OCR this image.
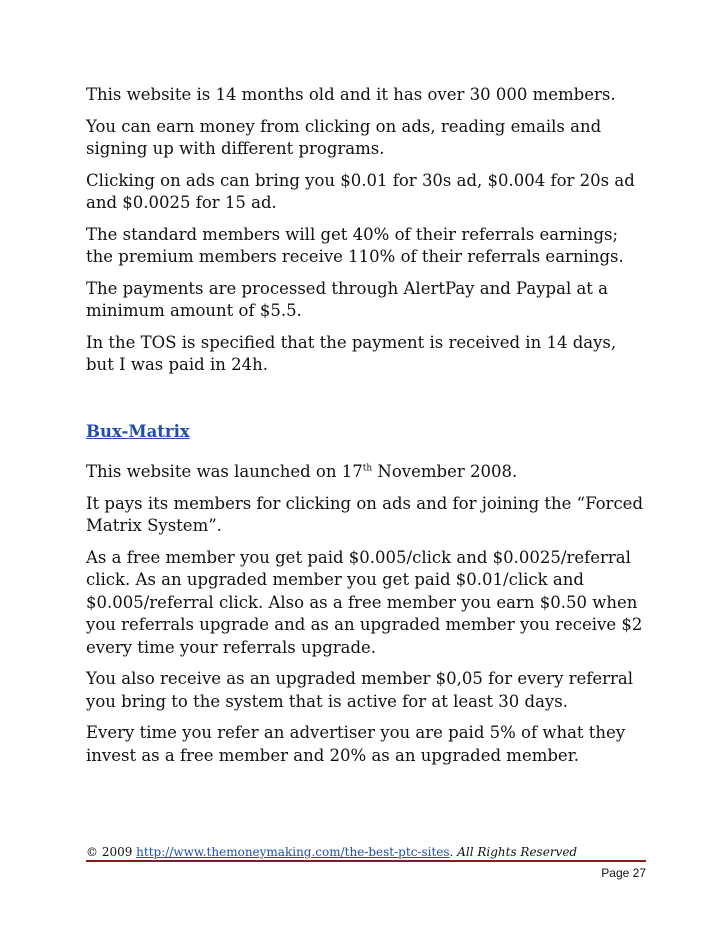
This website is 14 months old and it has over 30 000 members.

You can earn money from clicking on ads, reading emails and signing up with different programs.

Clicking on ads can bring you $0.01 for 30s ad, $0.004 for 20s ad and $0.0025 for 15 ad.

The standard members will get 40% of their referrals earnings; the premium members receive 110% of their referrals earnings.

The payments are processed through AlertPay and Paypal at a minimum amount of $5.5.

In the TOS is specified that the payment is received in 14 days, but I was paid in 24h.

Bux-Matrix

This website was launched on 17th November 2008.

It pays its members for clicking on ads and for joining the “Forced Matrix System”.

As a free member you get paid $0.005/click and $0.0025/referral click. As an upgraded member you get paid $0.01/click and $0.005/referral click. Also as a free member you earn $0.50 when you referrals upgrade and as an upgraded member you receive $2 every time your referrals upgrade.

You also receive as an upgraded member $0,05 for every referral you bring to the system that is active for at least 30 days.

Every time you refer an advertiser you are paid 5% of what they invest as a free member and 20% as an upgraded member.

© 2009 http://www.themoneymaking.com/the-best-ptc-sites. All Rights Reserved
Page 27
